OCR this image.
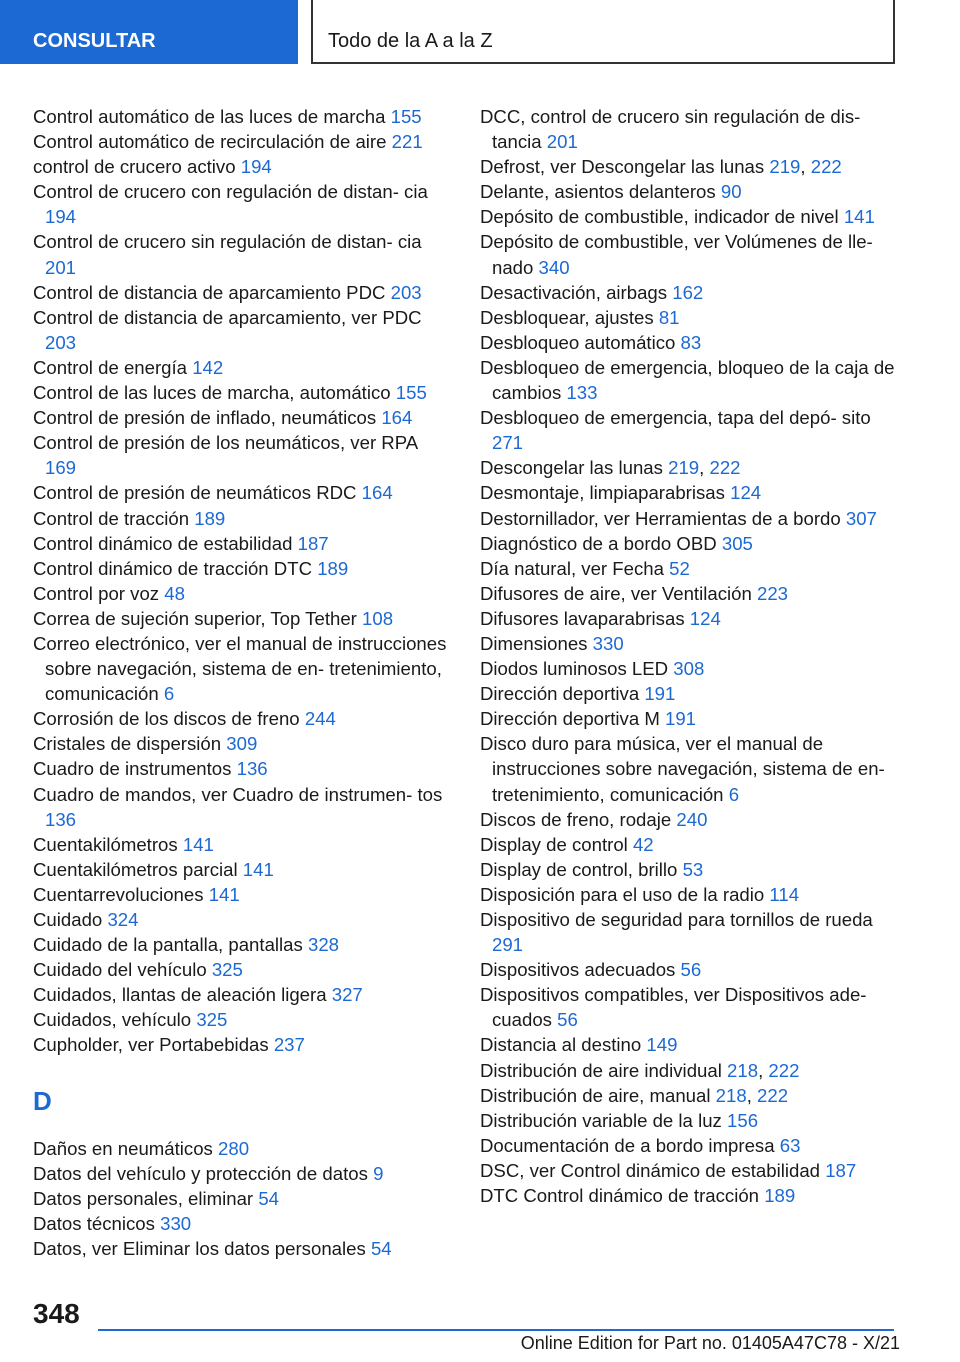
CONSULTAR	Todo de la A a la Z

Control automático de las luces de marcha 155

Control automático de recirculación de aire 221

control de crucero activo 194

Control de crucero con regulación de distan‐ cia 194

Control de crucero sin regulación de distan‐ cia 201

Control de distancia de aparcamiento PDC 203

Control de distancia de aparcamiento, ver PDC 203

Control de energía 142

Control de las luces de marcha, automático 155

Control de presión de inflado, neumáticos 164

Control de presión de los neumáticos, ver RPA 169

Control de presión de neumáticos RDC 164

Control de tracción 189

Control dinámico de estabilidad 187

Control dinámico de tracción DTC 189

Control por voz 48

Correa de sujeción superior, Top Tether 108

Correo electrónico, ver el manual de instrucciones sobre navegación, sistema de en‐ tretenimiento, comunicación 6

Corrosión de los discos de freno 244

Cristales de dispersión 309

Cuadro de instrumentos 136

Cuadro de mandos, ver Cuadro de instrumen‐ tos 136

Cuentakilómetros 141

Cuentakilómetros parcial 141

Cuentarrevoluciones 141

Cuidado 324

Cuidado de la pantalla, pantallas 328

Cuidado del vehículo 325

Cuidados, llantas de aleación ligera 327

Cuidados, vehículo 325

Cupholder, ver Portabebidas 237

D

Daños en neumáticos 280

Datos del vehículo y protección de datos 9

Datos personales, eliminar 54

Datos técnicos 330

Datos, ver Eliminar los datos personales 54

DCC, control de crucero sin regulación de dis‐ tancia 201

Defrost, ver Descongelar las lunas 219, 222

Delante, asientos delanteros 90

Depósito de combustible, indicador de nivel 141

Depósito de combustible, ver Volúmenes de lle‐ nado 340

Desactivación, airbags 162

Desbloquear, ajustes 81

Desbloqueo automático 83

Desbloqueo de emergencia, bloqueo de la caja de cambios 133

Desbloqueo de emergencia, tapa del depó‐ sito 271

Descongelar las lunas 219, 222

Desmontaje, limpiaparabrisas 124

Destornillador, ver Herramientas de a bordo 307

Diagnóstico de a bordo OBD 305

Día natural, ver Fecha 52

Difusores de aire, ver Ventilación 223

Difusores lavaparabrisas 124

Dimensiones 330

Diodos luminosos LED 308

Dirección deportiva 191

Dirección deportiva M 191

Disco duro para música, ver el manual de instrucciones sobre navegación, sistema de en‐ tretenimiento, comunicación 6

Discos de freno, rodaje 240

Display de control 42

Display de control, brillo 53

Disposición para el uso de la radio 114

Dispositivo de seguridad para tornillos de rueda 291

Dispositivos adecuados 56

Dispositivos compatibles, ver Dispositivos ade‐ cuados 56

Distancia al destino 149

Distribución de aire individual 218, 222

Distribución de aire, manual 218, 222

Distribución variable de la luz 156

Documentación de a bordo impresa 63

DSC, ver Control dinámico de estabilidad 187

DTC Control dinámico de tracción 189

348
Online Edition for Part no. 01405A47C78 - X/21
